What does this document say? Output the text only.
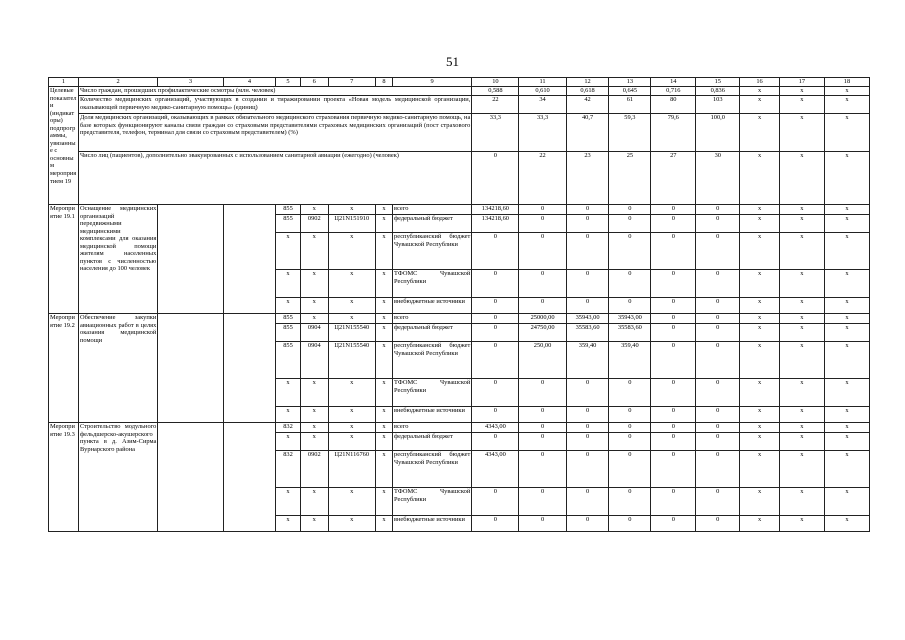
51
1	2	3	4	5	6	7	8	9	10	11	12	13	14	15	16	17	18
Целевые показатели (индикаторы) подпрограммы, увязанные с основным мероприятием 19	Число граждан, прошедших профилактические осмотры (млн. человек)								0,588	0,610	0,618	0,645	0,716	0,836	x	x	x
	Количество медицинских организаций, участвующих в создании и тиражировании проекта «Новая модель медицинской организации, оказывающей первичную медико-санитарную помощь» (единиц)								22	34	42	61	80	103	x	x	x
	Доля медицинских организаций, оказывающих в рамках обязательного медицинского страхования первичную медико-санитарную помощь, на базе которых функционируют каналы связи граждан со страховыми представителями страховых медицинских организаций (пост страхового представителя, телефон, терминал для связи со страховым представителем) (%)								33,3	33,3	40,7	59,3	79,6	100,0	x	x	x
	Число лиц (пациентов), дополнительно эвакуированных с использованием санитарной авиации (ежегодно) (человек)								0	22	23	25	27	30	x	x	x
Мероприятие 19.1	Оснащение медицинских организаций передвижными медицинскими комплексами для оказания медицинской помощи жителям населенных пунктов с численностью населения до 100 человек			855	x	x	x	всего	134218,60	0	0	0	0	0	x	x	x
				855	0902	Ц21N151910	x	федеральный бюджет	134218,60	0	0	0	0	0	x	x	x
				x	x	x	x	республиканский бюджет Чувашской Республики	0	0	0	0	0	0	x	x	x
				x	x	x	x	ТФОМС Чувашской Республики	0	0	0	0	0	0	x	x	x
				x	x	x	x	внебюджетные источники	0	0	0	0	0	0	x	x	x
Мероприятие 19.2	Обеспечение закупки авиационных работ в целях оказания медицинской помощи			855	x	x	x	всего	0	25000,00	35943,00	35943,00	0	0	x	x	x
				855	0904	Ц21N155540	x	федеральный бюджет	0	24750,00	35583,60	35583,60	0	0	x	x	x
				855	0904	Ц21N155540	x	республиканский бюджет Чувашской Республики	0	250,00	359,40	359,40	0	0	x	x	x
				x	x	x	x	ТФОМС Чувашской Республики	0	0	0	0	0	0	x	x	x
				x	x	x	x	внебюджетные источники	0	0	0	0	0	0	x	x	x
Мероприятие 19.3	Строительство модульного фельдшерско-акушерского пункта в д. Азим-Сирма Вурнарского района			832	x	x	x	всего	4343,00	0	0	0	0	0	x	x	x
				x	x	x	x	федеральный бюджет	0	0	0	0	0	0	x	x	x
				832	0902	Ц21N116760	x	республиканский бюджет Чувашской Республики	4343,00	0	0	0	0	0	x	x	x
				x	x	x	x	ТФОМС Чувашской Республики	0	0	0	0	0	0	x	x	x
				x	x	x	x	внебюджетные источники	0	0	0	0	0	0	x	x	x
